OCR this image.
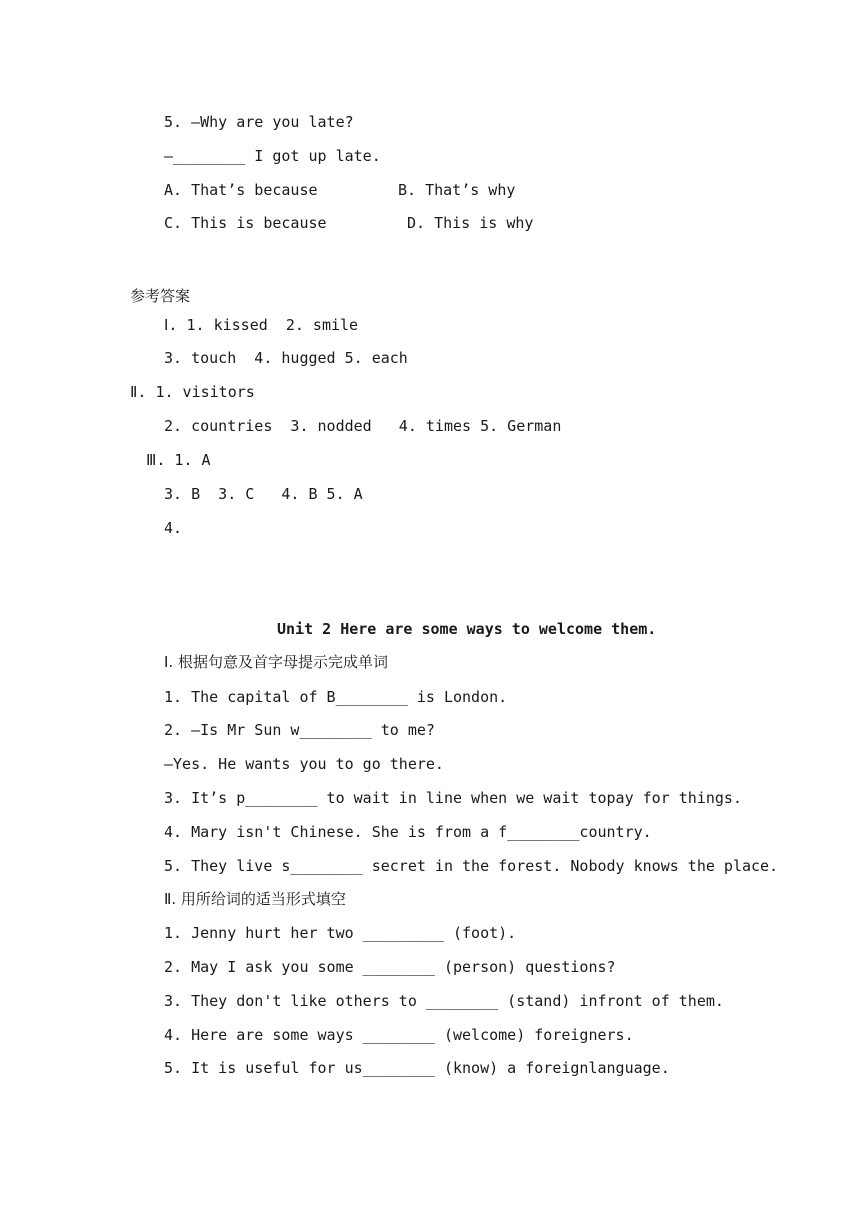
5. —Why are you late?
—________ I got up late.
A. That’s because	B. That’s why
C. This is because	D. This is why
参考答案
Ⅰ. 1. kissed  2. smile
3. touch  4. hugged 5. each
Ⅱ. 1. visitors
2. countries  3. nodded   4. times 5. German
Ⅲ. 1. A
3. B  3. C   4. B 5. A
4.
Unit 2 Here are some ways to welcome them.
I. 根据句意及首字母提示完成单词
1. The capital of B________ is London.
2. —Is Mr Sun w________ to me?
—Yes. He wants you to go there.
3. It’s p________ to wait in line when we wait topay for things.
4. Mary isn't Chinese. She is from a f________country.
5. They live s________ secret in the forest. Nobody knows the place.
Ⅱ. 用所给词的适当形式填空
1. Jenny hurt her two _________ (foot).
2. May I ask you some ________ (person) questions?
3. They don't like others to ________ (stand) infront of them.
4. Here are some ways ________ (welcome) foreigners.
5. It is useful for us________ (know) a foreignlanguage.
